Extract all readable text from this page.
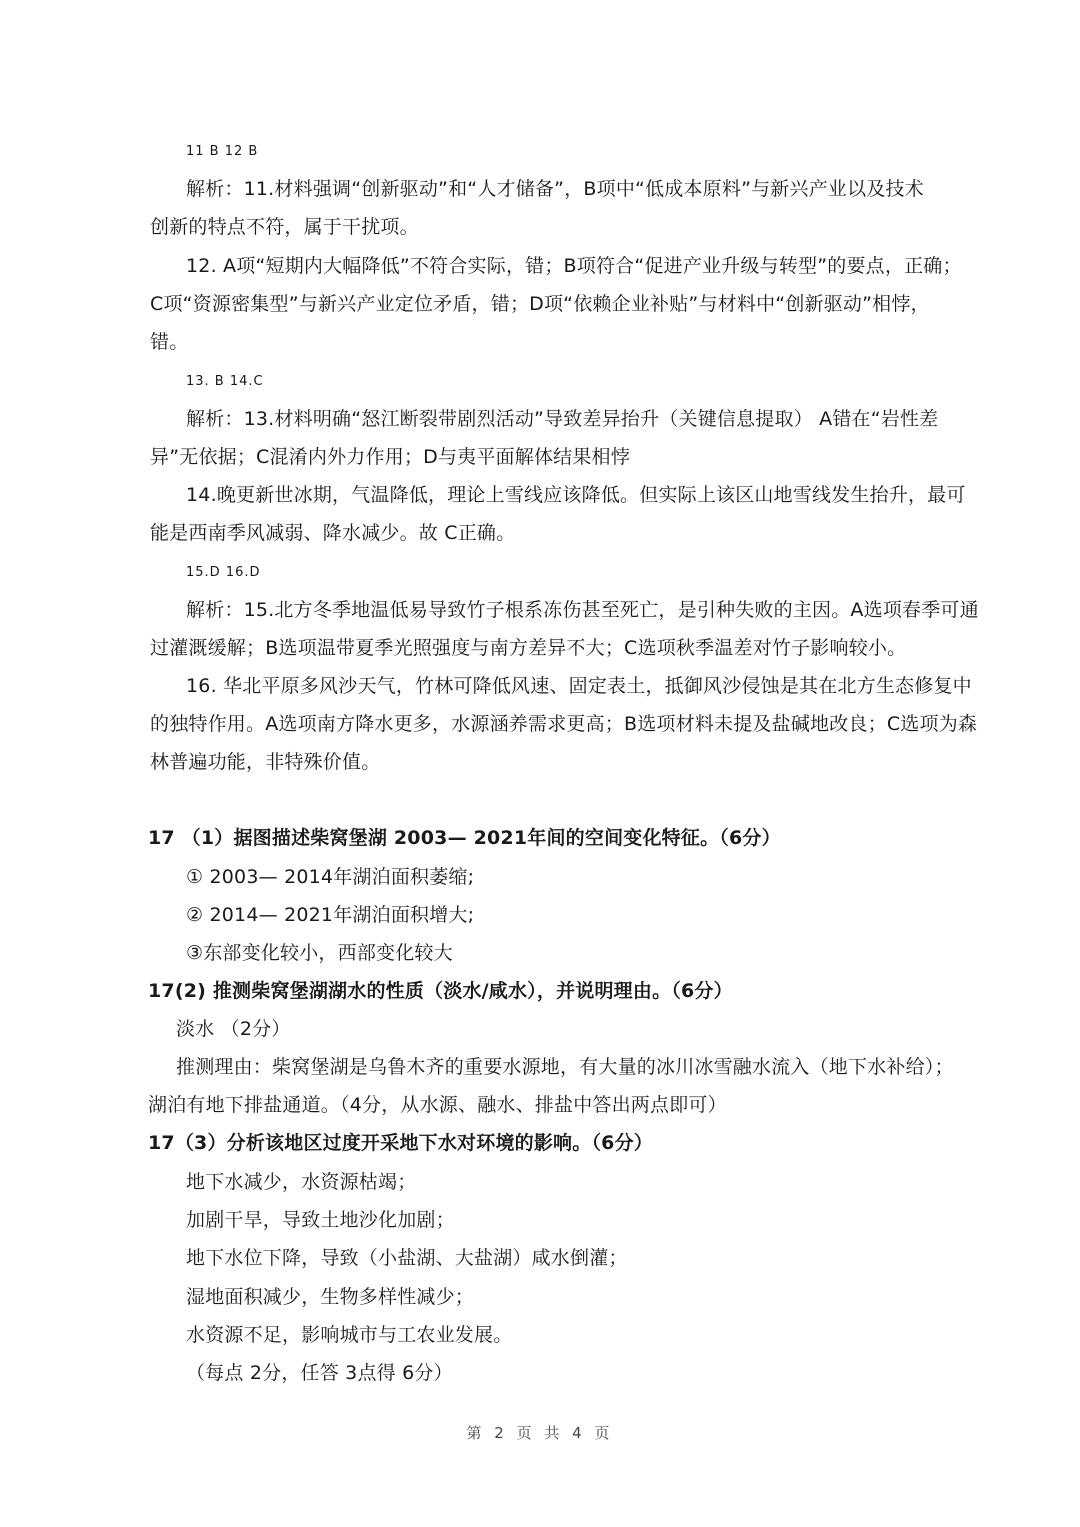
11 B 12 B
解析：11.材料强调“创新驱动”和“人才储备”，B项中“低成本原料”与新兴产业以及技术
创新的特点不符，属于干扰项。
12. A项“短期内大幅降低”不符合实际，错；B项符合“促进产业升级与转型”的要点，正确；
C项“资源密集型”与新兴产业定位矛盾，错；D项“依赖企业补贴”与材料中“创新驱动”相悖，
错。
13. B 14.C
解析：13.材料明确“怒江断裂带剧烈活动”导致差异抬升（关键信息提取） A错在“岩性差
异”无依据；C混淆内外力作用；D与夷平面解体结果相悖
14.晚更新世冰期，气温降低，理论上雪线应该降低。但实际上该区山地雪线发生抬升，最可
能是西南季风减弱、降水减少。故 C正确。
15.D 16.D
解析：15.北方冬季地温低易导致竹子根系冻伤甚至死亡，是引种失败的主因。A选项春季可通
过灌溉缓解；B选项温带夏季光照强度与南方差异不大；C选项秋季温差对竹子影响较小。
16. 华北平原多风沙天气，竹林可降低风速、固定表土，抵御风沙侵蚀是其在北方生态修复中
的独特作用。A选项南方降水更多，水源涵养需求更高；B选项材料未提及盐碱地改良；C选项为森
林普遍功能，非特殊价值。
17 （1）据图描述柴窝堡湖 2003— 2021年间的空间变化特征。（6分）
① 2003— 2014年湖泊面积萎缩;
② 2014— 2021年湖泊面积增大;
③东部变化较小，西部变化较大
17(2) 推测柴窝堡湖湖水的性质（淡水/咸水），并说明理由。（6分）
淡水 （2分）
推测理由：柴窝堡湖是乌鲁木齐的重要水源地，有大量的冰川冰雪融水流入（地下水补给）；
湖泊有地下排盐通道。（4分，从水源、融水、排盐中答出两点即可）
17（3）分析该地区过度开采地下水对环境的影响。（6分）
地下水减少，水资源枯竭；
加剧干旱，导致土地沙化加剧；
地下水位下降，导致（小盐湖、大盐湖）咸水倒灌；
湿地面积减少，生物多样性减少；
水资源不足，影响城市与工农业发展。
（每点 2分，任答 3点得 6分）
第 2 页 共 4 页
